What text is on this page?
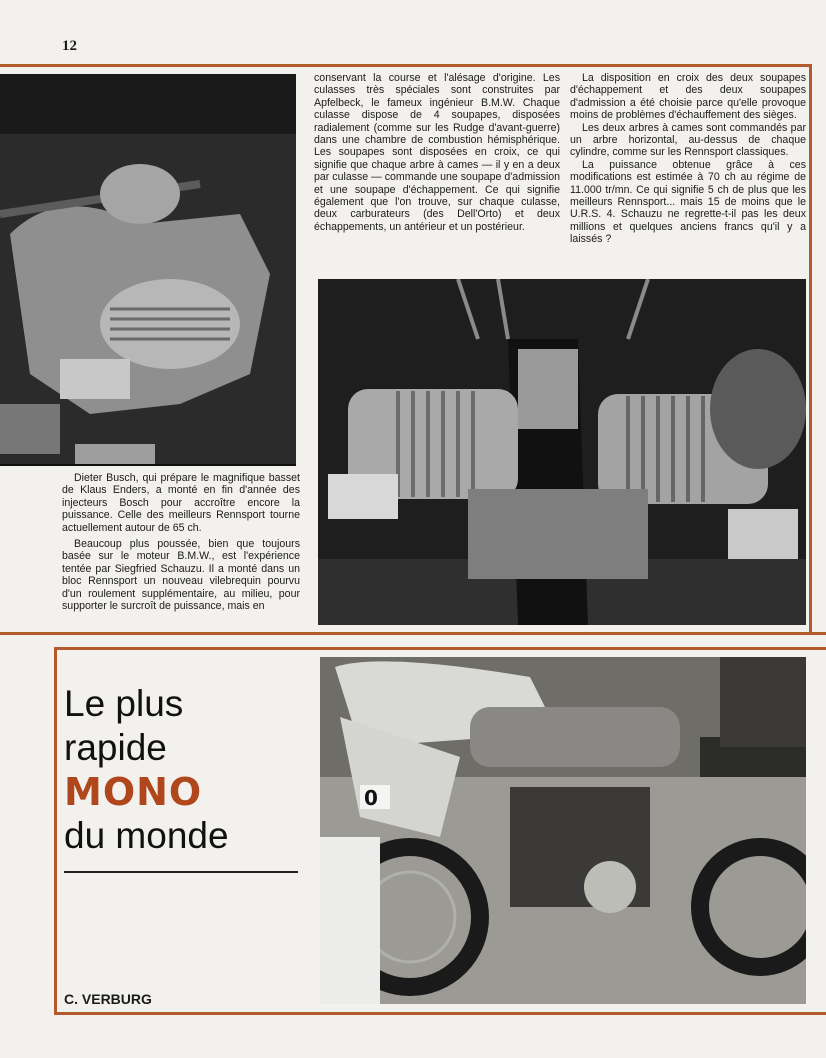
12

conservant la course et l'alésage d'origine. Les culasses très spéciales sont construites par Apfelbeck, le fameux ingénieur B.M.W. Chaque culasse dispose de 4 soupapes, disposées radialement (comme sur les Rudge d'avant-guerre) dans une chambre de combustion hémisphérique. Les soupapes sont disposées en croix, ce qui signifie que chaque arbre à cames — il y en a deux par culasse — commande une soupape d'admission et une soupape d'échappement. Ce qui signifie également que l'on trouve, sur chaque culasse, deux carburateurs (des Dell'Orto) et deux échappements, un antérieur et un postérieur.

La disposition en croix des deux soupapes d'échappement et des deux soupapes d'admission a été choisie parce qu'elle provoque moins de problèmes d'échauffement des sièges.

Les deux arbres à cames sont commandés par un arbre horizontal, au-dessus de chaque cylindre, comme sur les Rennsport classiques.

La puissance obtenue grâce à ces modifications est estimée à 70 ch au régime de 11.000 tr/mn. Ce qui signifie 5 ch de plus que les meilleurs Rennsport... mais 15 de moins que le U.R.S. 4. Schauzu ne regrette-t-il pas les deux millions et quelques anciens francs qu'il y a laissés ?

Dieter Busch, qui prépare le magnifique basset de Klaus Enders, a monté en fin d'année des injecteurs Bosch pour accroître encore la puissance. Celle des meilleurs Rennsport tourne actuellement autour de 65 ch.

Beaucoup plus poussée, bien que toujours basée sur le moteur B.M.W., est l'expérience tentée par Siegfried Schauzu. Il a monté dans un bloc Rennsport un nouveau vilebrequin pourvu d'un roulement supplémentaire, au milieu, pour supporter le surcroît de puissance, mais en

Le plus
rapide
MONO
du monde
C. VERBURG
0
